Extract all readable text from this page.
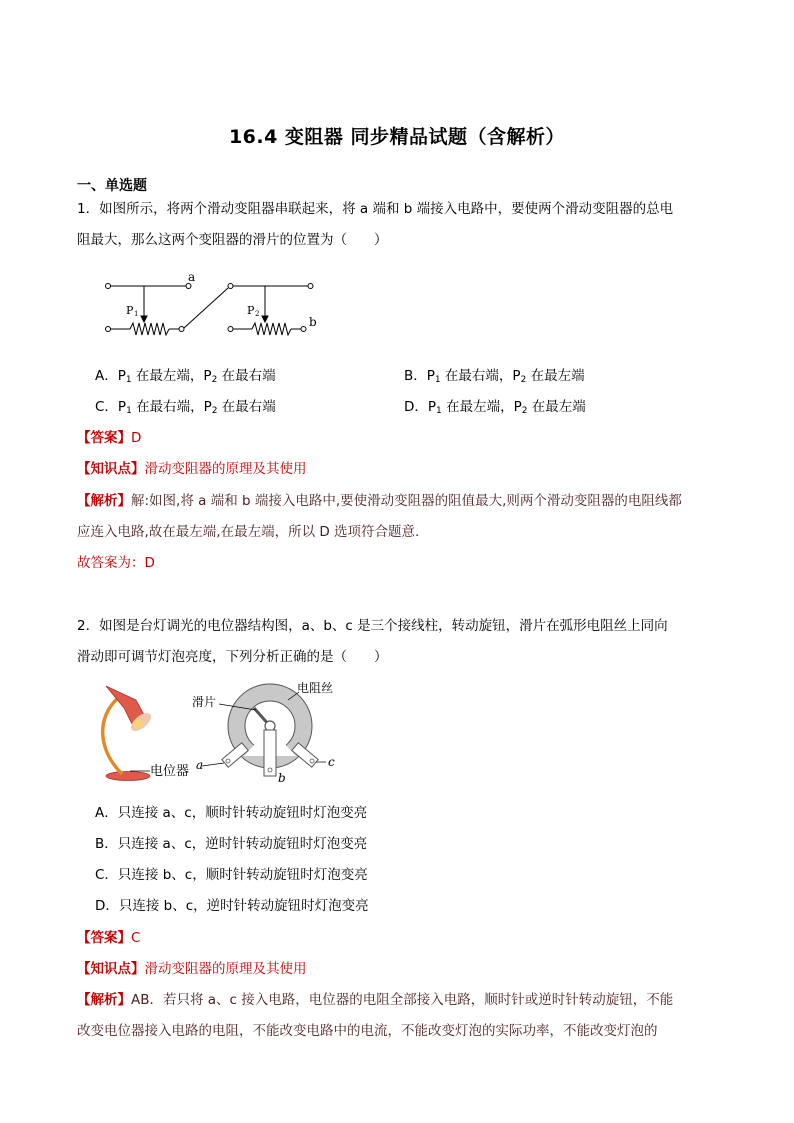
16.4 变阻器 同步精品试题（含解析）
一、单选题
1．如图所示，将两个滑动变阻器串联起来，将 a 端和 b 端接入电路中，要使两个滑动变阻器的总电
阻最大，那么这两个变阻器的滑片的位置为（　　）
a
b
P 1	P 2
A．$P_1$ 在最左端，$P_2$ 在最右端	B．$P_1$ 在最右端，$P_2$ 在最左端
C．$P_1$ 在最右端，$P_2$ 在最右端	D．$P_1$ 在最左端，$P_2$ 在最左端
【答案】D
【知识点】滑动变阻器的原理及其使用
【解析】解:如图,将 a 端和 b 端接入电路中,要使滑动变阻器的阻值最大,则两个滑动变阻器的电阻线都
应连入电路,故在最左端,在最左端，所以 D 选项符合题意.
故答案为：D
2．如图是台灯调光的电位器结构图，a、b、c 是三个接线柱，转动旋钮，滑片在弧形电阻丝上同向
滑动即可调节灯泡亮度，下列分析正确的是（　　）
电位器
滑片
电阻丝
a
b
c
A．只连接 a、c，顺时针转动旋钮时灯泡变亮
B．只连接 a、c，逆时针转动旋钮时灯泡变亮
C．只连接 b、c，顺时针转动旋钮时灯泡变亮
D．只连接 b、c，逆时针转动旋钮时灯泡变亮
【答案】C
【知识点】滑动变阻器的原理及其使用
【解析】AB．若只将 a、c 接入电路，电位器的电阻全部接入电路，顺时针或逆时针转动旋钮，不能
改变电位器接入电路的电阻，不能改变电路中的电流，不能改变灯泡的实际功率，不能改变灯泡的
